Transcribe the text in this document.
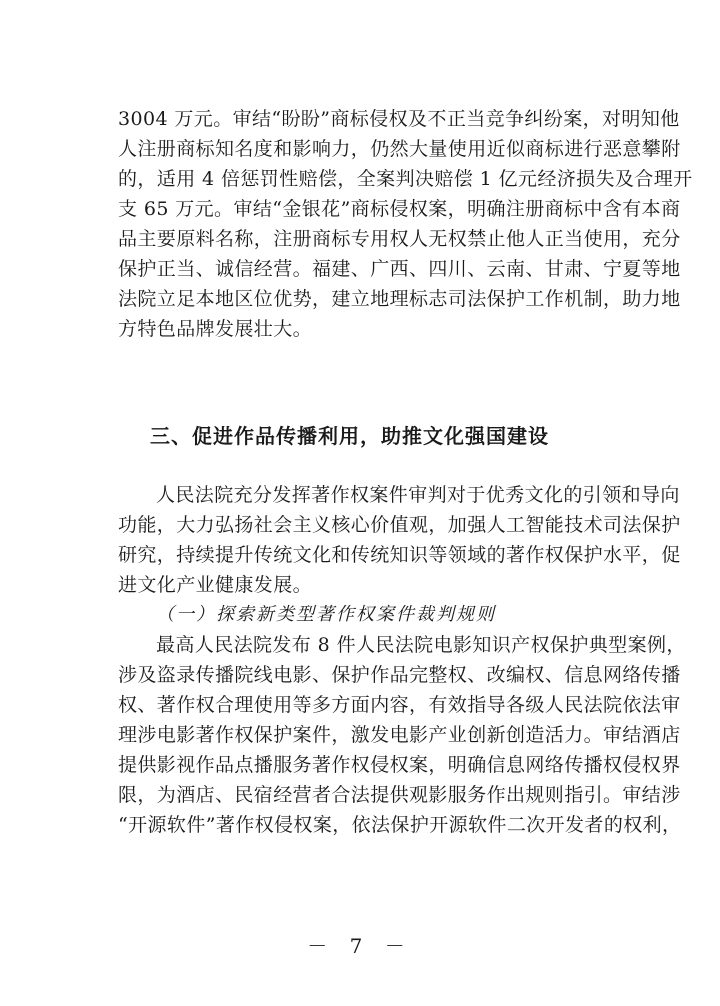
3004 万元。审结“盼盼”商标侵权及不正当竞争纠纷案，对明知他

人注册商标知名度和影响力，仍然大量使用近似商标进行恶意攀附

的，适用 4 倍惩罚性赔偿，全案判决赔偿 1 亿元经济损失及合理开

支 65 万元。审结“金银花”商标侵权案，明确注册商标中含有本商

品主要原料名称，注册商标专用权人无权禁止他人正当使用，充分

保护正当、诚信经营。福建、广西、四川、云南、甘肃、宁夏等地

法院立足本地区位优势，建立地理标志司法保护工作机制，助力地

方特色品牌发展壮大。

三、促进作品传播利用，助推文化强国建设

人民法院充分发挥著作权案件审判对于优秀文化的引领和导向

功能，大力弘扬社会主义核心价值观，加强人工智能技术司法保护

研究，持续提升传统文化和传统知识等领域的著作权保护水平，促

进文化产业健康发展。

（一）探索新类型著作权案件裁判规则

最高人民法院发布 8 件人民法院电影知识产权保护典型案例，

涉及盗录传播院线电影、保护作品完整权、改编权、信息网络传播

权、著作权合理使用等多方面内容，有效指导各级人民法院依法审

理涉电影著作权保护案件，激发电影产业创新创造活力。审结酒店

提供影视作品点播服务著作权侵权案，明确信息网络传播权侵权界

限，为酒店、民宿经营者合法提供观影服务作出规则指引。审结涉

“开源软件”著作权侵权案，依法保护开源软件二次开发者的权利，

－ 7 －
